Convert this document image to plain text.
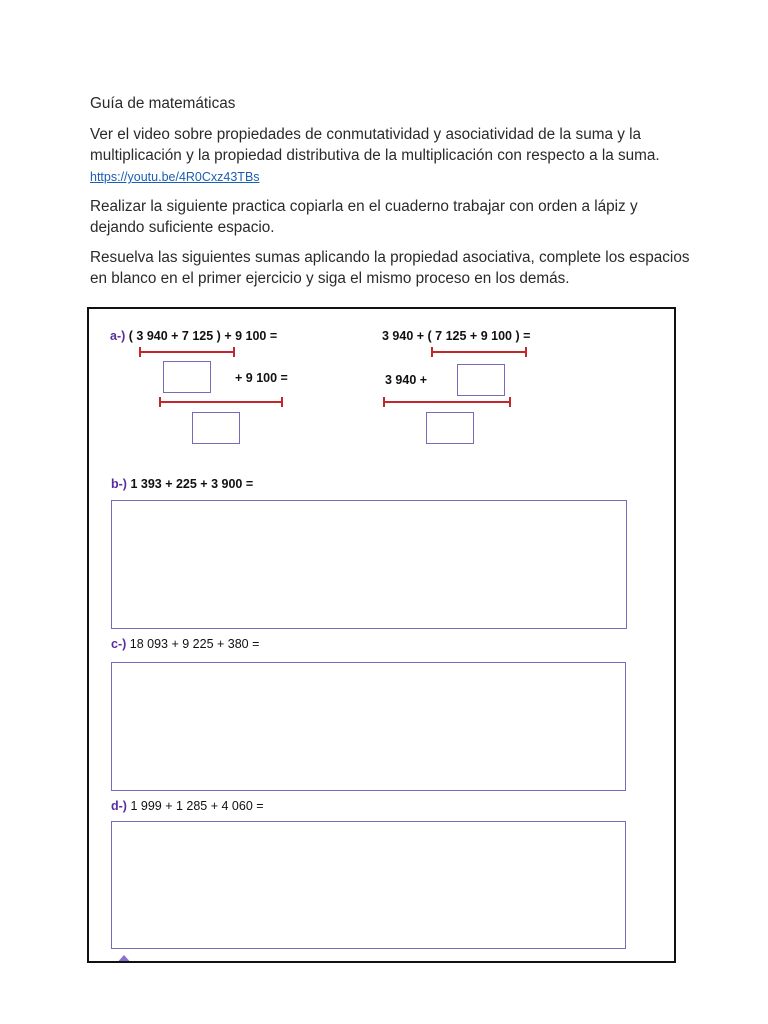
Guía de matemáticas
Ver el video sobre propiedades de conmutatividad y asociatividad de la suma y la multiplicación y la propiedad distributiva de la multiplicación con respecto a la suma. https://youtu.be/4R0Cxz43TBs
Realizar la siguiente practica copiarla en el cuaderno trabajar con orden a lápiz y dejando suficiente espacio.
Resuelva las siguientes sumas aplicando la propiedad asociativa, complete los espacios en blanco en el primer ejercicio y siga el mismo proceso en los demás.
a-) ( 3 940 + 7 125 ) + 9 100 =
+ 9 100 =
3 940 + ( 7 125 + 9 100 ) =
3 940 +
b-) 1 393 + 225 + 3 900 =
c-) 18 093 + 9 225 + 380 =
d-) 1 999 + 1 285 + 4 060 =
